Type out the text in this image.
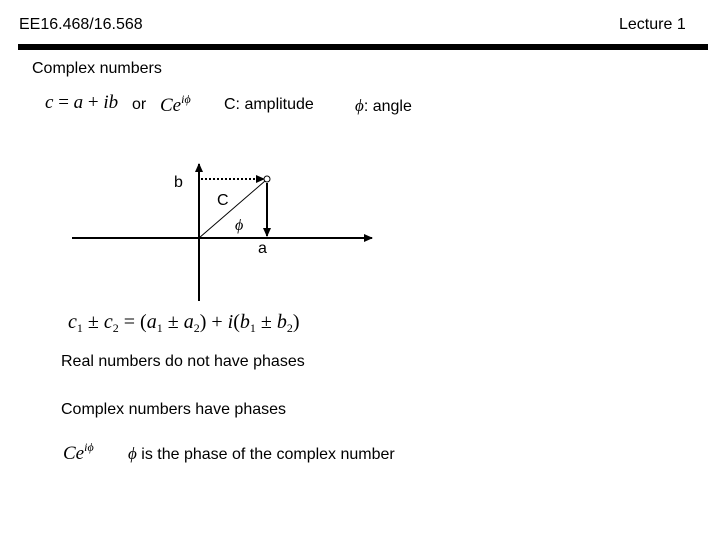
EE16.468/16.568	Lecture 1
Complex numbers
c = a + ib or $Ce^{i\phi}$ C: amplitude ϕ: angle
b
C
ϕ
a
$c_1 \pm c_2 = (a_1 \pm a_2) + i(b_1 \pm b_2)$
Real numbers do not have phases
Complex numbers have phases
$Ce^{i\phi}$ ϕ is the phase of the complex number
